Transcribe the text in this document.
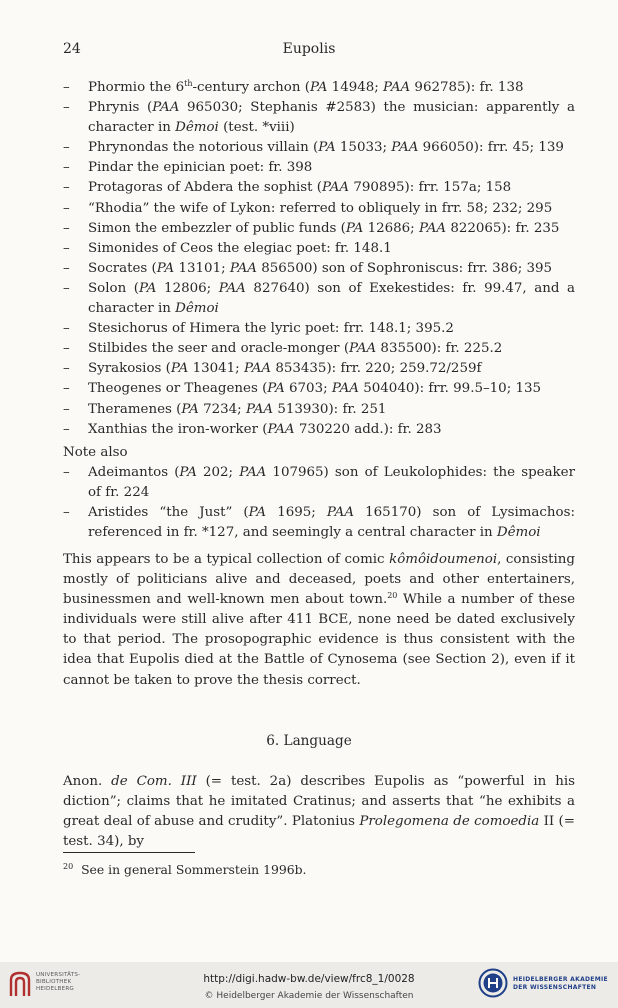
24	Eupolis
–	Phormio the 6th-century archon (PA 14948; PAA 962785): fr. 138
–	Phrynis (PAA 965030; Stephanis #2583) the musician: apparently a character in Dêmoi (test. *viii)
–	Phrynondas the notorious villain (PA 15033; PAA 966050): frr. 45; 139
–	Pindar the epinician poet: fr. 398
–	Protagoras of Abdera the sophist (PAA 790895): frr. 157a; 158
–	“Rhodia” the wife of Lykon: referred to obliquely in frr. 58; 232; 295
–	Simon the embezzler of public funds (PA 12686; PAA 822065): fr. 235
–	Simonides of Ceos the elegiac poet: fr. 148.1
–	Socrates (PA 13101; PAA 856500) son of Sophroniscus: frr. 386; 395
–	Solon (PA 12806; PAA 827640) son of Exekestides: fr. 99.47, and a character in Dêmoi
–	Stesichorus of Himera the lyric poet: frr. 148.1; 395.2
–	Stilbides the seer and oracle-monger (PAA 835500): fr. 225.2
–	Syrakosios (PA 13041; PAA 853435): frr. 220; 259.72/259f
–	Theogenes or Theagenes (PA 6703; PAA 504040): frr. 99.5–10; 135
–	Theramenes (PA 7234; PAA 513930): fr. 251
–	Xanthias the iron-worker (PAA 730220 add.): fr. 283
Note also
–	Adeimantos (PA 202; PAA 107965) son of Leukolophides: the speaker of fr. 224
–	Aristides “the Just” (PA 1695; PAA 165170) son of Lysimachos: referenced in fr. *127, and seemingly a central character in Dêmoi

This appears to be a typical collection of comic kômôidoumenoi, consisting mostly of politicians alive and deceased, poets and other entertainers, businessmen and well-known men about town.$^{20}$ While a number of these individuals were still alive after 411 BCE, none need be dated exclusively to that period. The prosopographic evidence is thus consistent with the idea that Eupolis died at the Battle of Cynosema (see Section 2), even if it cannot be taken to prove the thesis correct.

6. Language

Anon. de Com. III (= test. 2a) describes Eupolis as “powerful in his diction”; claims that he imitated Cratinus; and asserts that “he exhibits a great deal of abuse and crudity”. Platonius Prolegomena de comoedia II (= test. 34), by

$^{20}$  See in general Sommerstein 1996b.
UNIVERSITÄTS-
BIBLIOTHEK
HEIDELBERG
http://digi.hadw-bw.de/view/frc8_1/0028
© Heidelberger Akademie der Wissenschaften
HEIDELBERGER AKADEMIE
DER WISSENSCHAFTEN
